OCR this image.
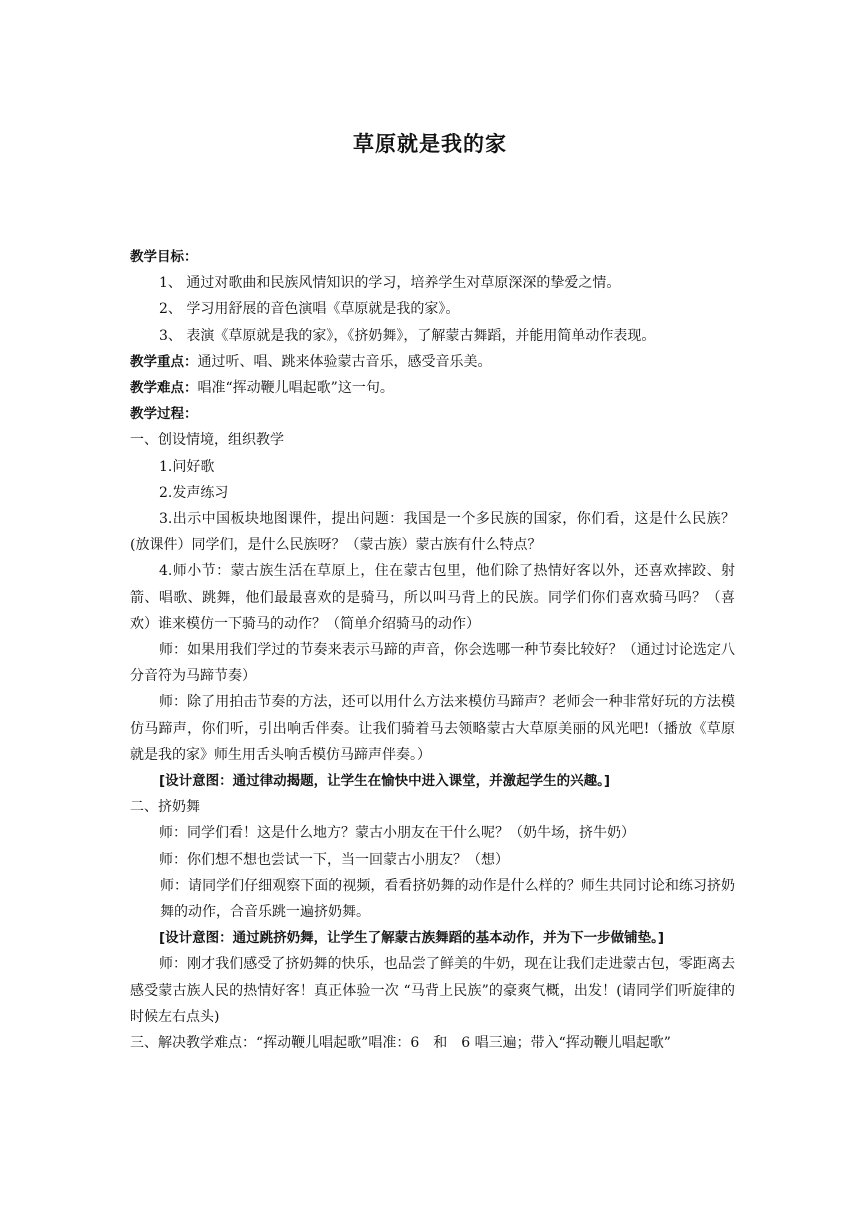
草原就是我的家

教学目标：

1、 通过对歌曲和民族风情知识的学习，培养学生对草原深深的挚爱之情。

2、 学习用舒展的音色演唱《草原就是我的家》。

3、 表演《草原就是我的家》，《挤奶舞》，了解蒙古舞蹈，并能用简单动作表现。

教学重点：通过听、唱、跳来体验蒙古音乐，感受音乐美。

教学难点：唱准“挥动鞭儿唱起歌”这一句。

教学过程：

一、创设情境，组织教学

1.问好歌

2.发声练习

3.出示中国板块地图课件，提出问题：我国是一个多民族的国家，你们看，这是什么民族？(放课件）同学们，是什么民族呀？（蒙古族）蒙古族有什么特点？

4.师小节：蒙古族生活在草原上，住在蒙古包里，他们除了热情好客以外，还喜欢摔跤、射箭、唱歌、跳舞，他们最最喜欢的是骑马，所以叫马背上的民族。同学们你们喜欢骑马吗？（喜欢）谁来模仿一下骑马的动作？（简单介绍骑马的动作）

师：如果用我们学过的节奏来表示马蹄的声音，你会选哪一种节奏比较好？（通过讨论选定八分音符为马蹄节奏）

师：除了用拍击节奏的方法，还可以用什么方法来模仿马蹄声？老师会一种非常好玩的方法模仿马蹄声，你们听，引出响舌伴奏。让我们骑着马去领略蒙古大草原美丽的风光吧!（播放《草原就是我的家》师生用舌头响舌模仿马蹄声伴奏。）

[设计意图：通过律动揭题，让学生在愉快中进入课堂，并激起学生的兴趣。]

二、挤奶舞

师：同学们看！这是什么地方？蒙古小朋友在干什么呢？（奶牛场，挤牛奶）

师：你们想不想也尝试一下，当一回蒙古小朋友？（想）

师：请同学们仔细观察下面的视频，看看挤奶舞的动作是什么样的？师生共同讨论和练习挤奶舞的动作，合音乐跳一遍挤奶舞。

[设计意图：通过跳挤奶舞，让学生了解蒙古族舞蹈的基本动作，并为下一步做铺垫。]

师：刚才我们感受了挤奶舞的快乐，也品尝了鲜美的牛奶，现在让我们走进蒙古包，零距离去感受蒙古族人民的热情好客！真正体验一次 “马背上民族”的豪爽气概，出发！(请同学们听旋律的时候左右点头)

三、解决教学难点：“挥动鞭儿唱起歌”唱准：6　和　6 唱三遍；带入“挥动鞭儿唱起歌”
